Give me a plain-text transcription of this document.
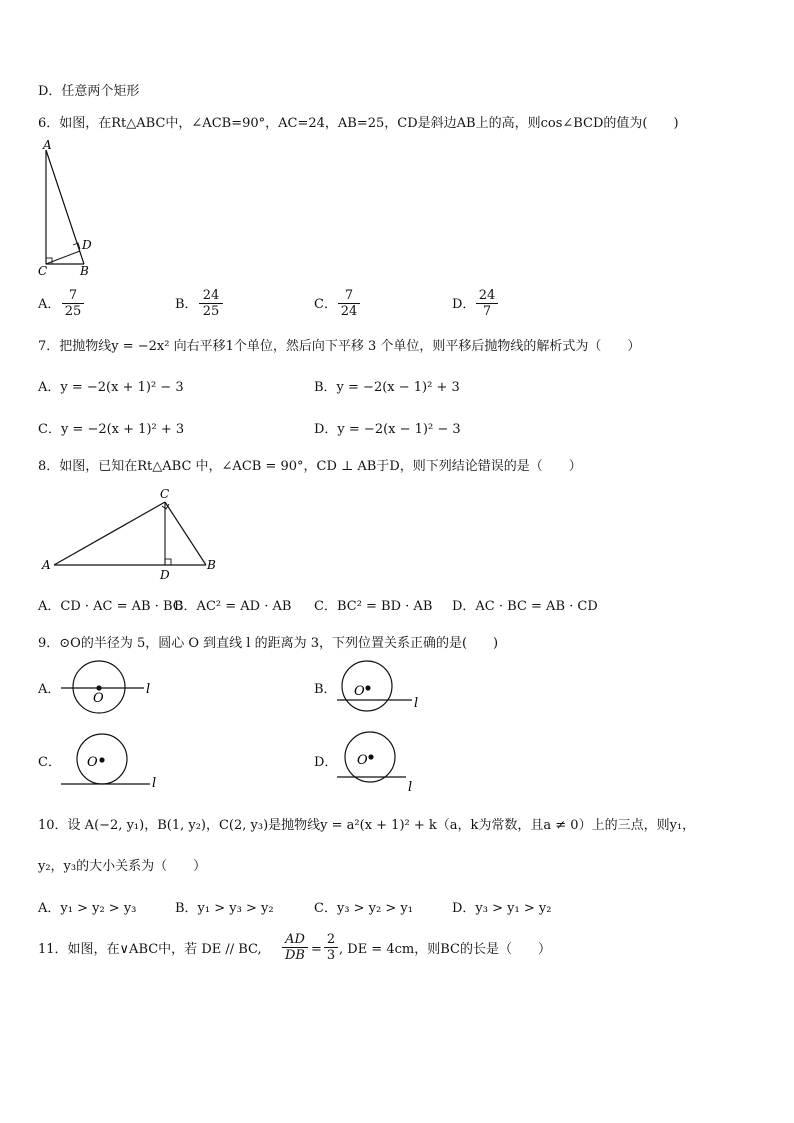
D．任意两个矩形
6．如图，在Rt△ABC中，∠ACB=90°，AC=24，AB=25，CD是斜边AB上的高，则cos∠BCD的值为(　　)
A
C	B
D
A． $\frac{7}{25}$	B． $\frac{24}{25}$	C． $\frac{7}{24}$	D． $\frac{24}{7}$
7．把抛物线y = −2x² 向右平移1个单位，然后向下平移 3 个单位，则平移后抛物线的解析式为（　　）
A．y = −2(x + 1)² − 3	B．y = −2(x − 1)² + 3
C．y = −2(x + 1)² + 3	D．y = −2(x − 1)² − 3
8．如图，已知在Rt△ABC 中，∠ACB = 90°，CD ⊥ AB于D，则下列结论错误的是（　　）
C
A	B
D
A．CD · AC = AB · BC
B．AC² = AD · AB C．BC² = BD · AB D．AC · BC = AB · CD
9．⊙O的半径为 5，圆心 O 到直线 l 的距离为 3，下列位置关系正确的是(　　)
A．
O
l	B． O
l
C． O
l
D． O
l
10．设 A(−2, y₁)，B(1, y₂)，C(2, y₃)是抛物线y = a²(x + 1)² + k（a，k为常数，且a ≠ 0）上的三点，则y₁，
y₂，y₃的大小关系为（　　）
A．y₁ > y₂ > y₃	B．y₁ > y₃ > y₂	C．y₃ > y₂ > y₁	D．y₃ > y₁ > y₂
11．如图，在∨ABC中，若 DE // BC, $\frac{AD}{DB} = \frac{2}{3}$ , DE = 4cm，则BC的长是（　　）
